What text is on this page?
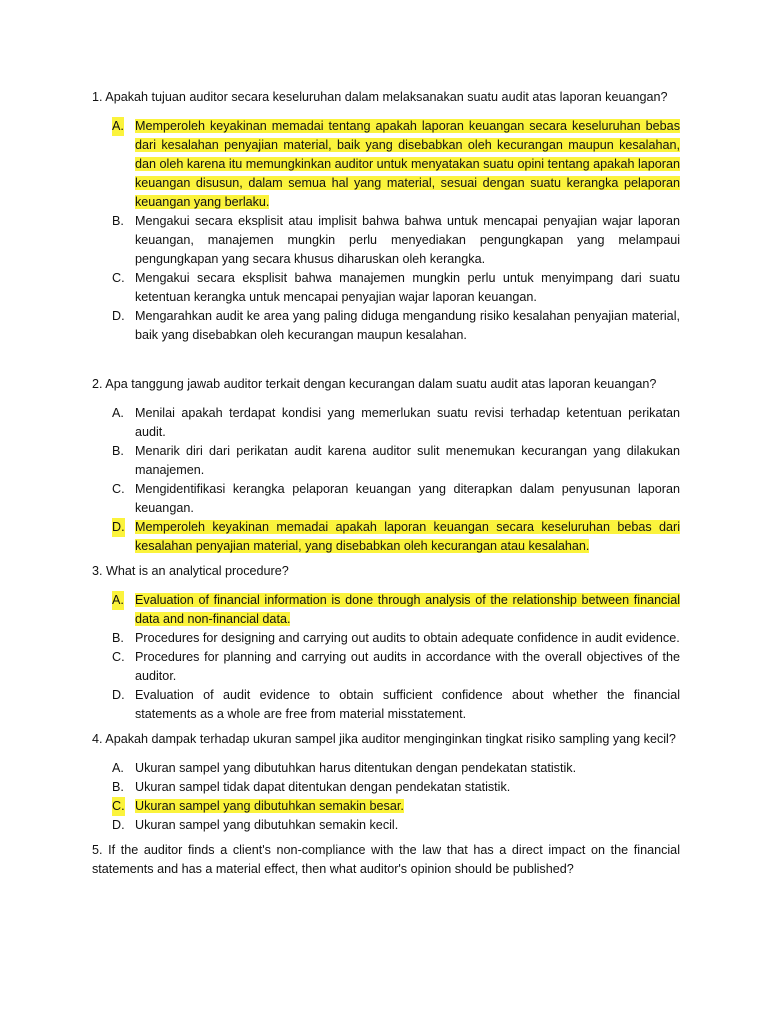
1. Apakah tujuan auditor secara keseluruhan dalam melaksanakan suatu audit atas laporan keuangan?

A. Memperoleh keyakinan memadai tentang apakah laporan keuangan secara keseluruhan bebas dari kesalahan penyajian material, baik yang disebabkan oleh kecurangan maupun kesalahan, dan oleh karena itu memungkinkan auditor untuk menyatakan suatu opini tentang apakah laporan keuangan disusun, dalam semua hal yang material, sesuai dengan suatu kerangka pelaporan keuangan yang berlaku.
B. Mengakui secara eksplisit atau implisit bahwa bahwa untuk mencapai penyajian wajar laporan keuangan, manajemen mungkin perlu menyediakan pengungkapan yang melampaui pengungkapan yang secara khusus diharuskan oleh kerangka.
C. Mengakui secara eksplisit bahwa manajemen mungkin perlu untuk menyimpang dari suatu ketentuan kerangka untuk mencapai penyajian wajar laporan keuangan.
D. Mengarahkan audit ke area yang paling diduga mengandung risiko kesalahan penyajian material, baik yang disebabkan oleh kecurangan maupun kesalahan.

2. Apa tanggung jawab auditor terkait dengan kecurangan dalam suatu audit atas laporan keuangan?

A. Menilai apakah terdapat kondisi yang memerlukan suatu revisi terhadap ketentuan perikatan audit.
B. Menarik diri dari perikatan audit karena auditor sulit menemukan kecurangan yang dilakukan manajemen.
C. Mengidentifikasi kerangka pelaporan keuangan yang diterapkan dalam penyusunan laporan keuangan.
D. Memperoleh keyakinan memadai apakah laporan keuangan secara keseluruhan bebas dari kesalahan penyajian material, yang disebabkan oleh kecurangan atau kesalahan.

3. What is an analytical procedure?

A. Evaluation of financial information is done through analysis of the relationship between financial data and non-financial data.
B. Procedures for designing and carrying out audits to obtain adequate confidence in audit evidence.
C. Procedures for planning and carrying out audits in accordance with the overall objectives of the auditor.
D. Evaluation of audit evidence to obtain sufficient confidence about whether the financial statements as a whole are free from material misstatement.

4. Apakah dampak terhadap ukuran sampel jika auditor menginginkan tingkat risiko sampling yang kecil?

A. Ukuran sampel yang dibutuhkan harus ditentukan dengan pendekatan statistik.
B. Ukuran sampel tidak dapat ditentukan dengan pendekatan statistik.
C. Ukuran sampel yang dibutuhkan semakin besar.
D. Ukuran sampel yang dibutuhkan semakin kecil.

5. If the auditor finds a client's non-compliance with the law that has a direct impact on the financial statements and has a material effect, then what auditor's opinion should be published?
